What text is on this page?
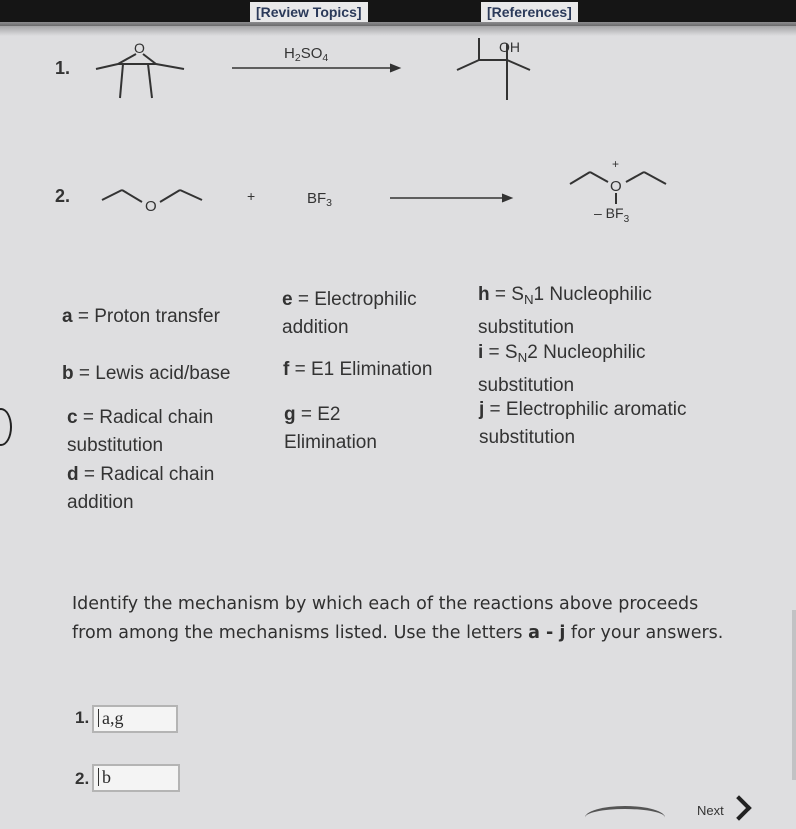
[Review Topics]	[References]
1.
O	$H_2SO_4$
OH
2.
O
+	$BF_3$
+
O
– $BF_3$
a = Proton transfer
b = Lewis acid/base
c = Radical chain substitution
d = Radical chain addition
e = Electrophilic addition
f = E1 Elimination
g = E2 Elimination
$h = S_N1$ Nucleophilic substitution
$i = S_N2$ Nucleophilic substitution
j = Electrophilic aromatic substitution
Identify the mechanism by which each of the reactions above proceeds from among the mechanisms listed. Use the letters a - j for your answers.
1. a,g
2. b
Next
